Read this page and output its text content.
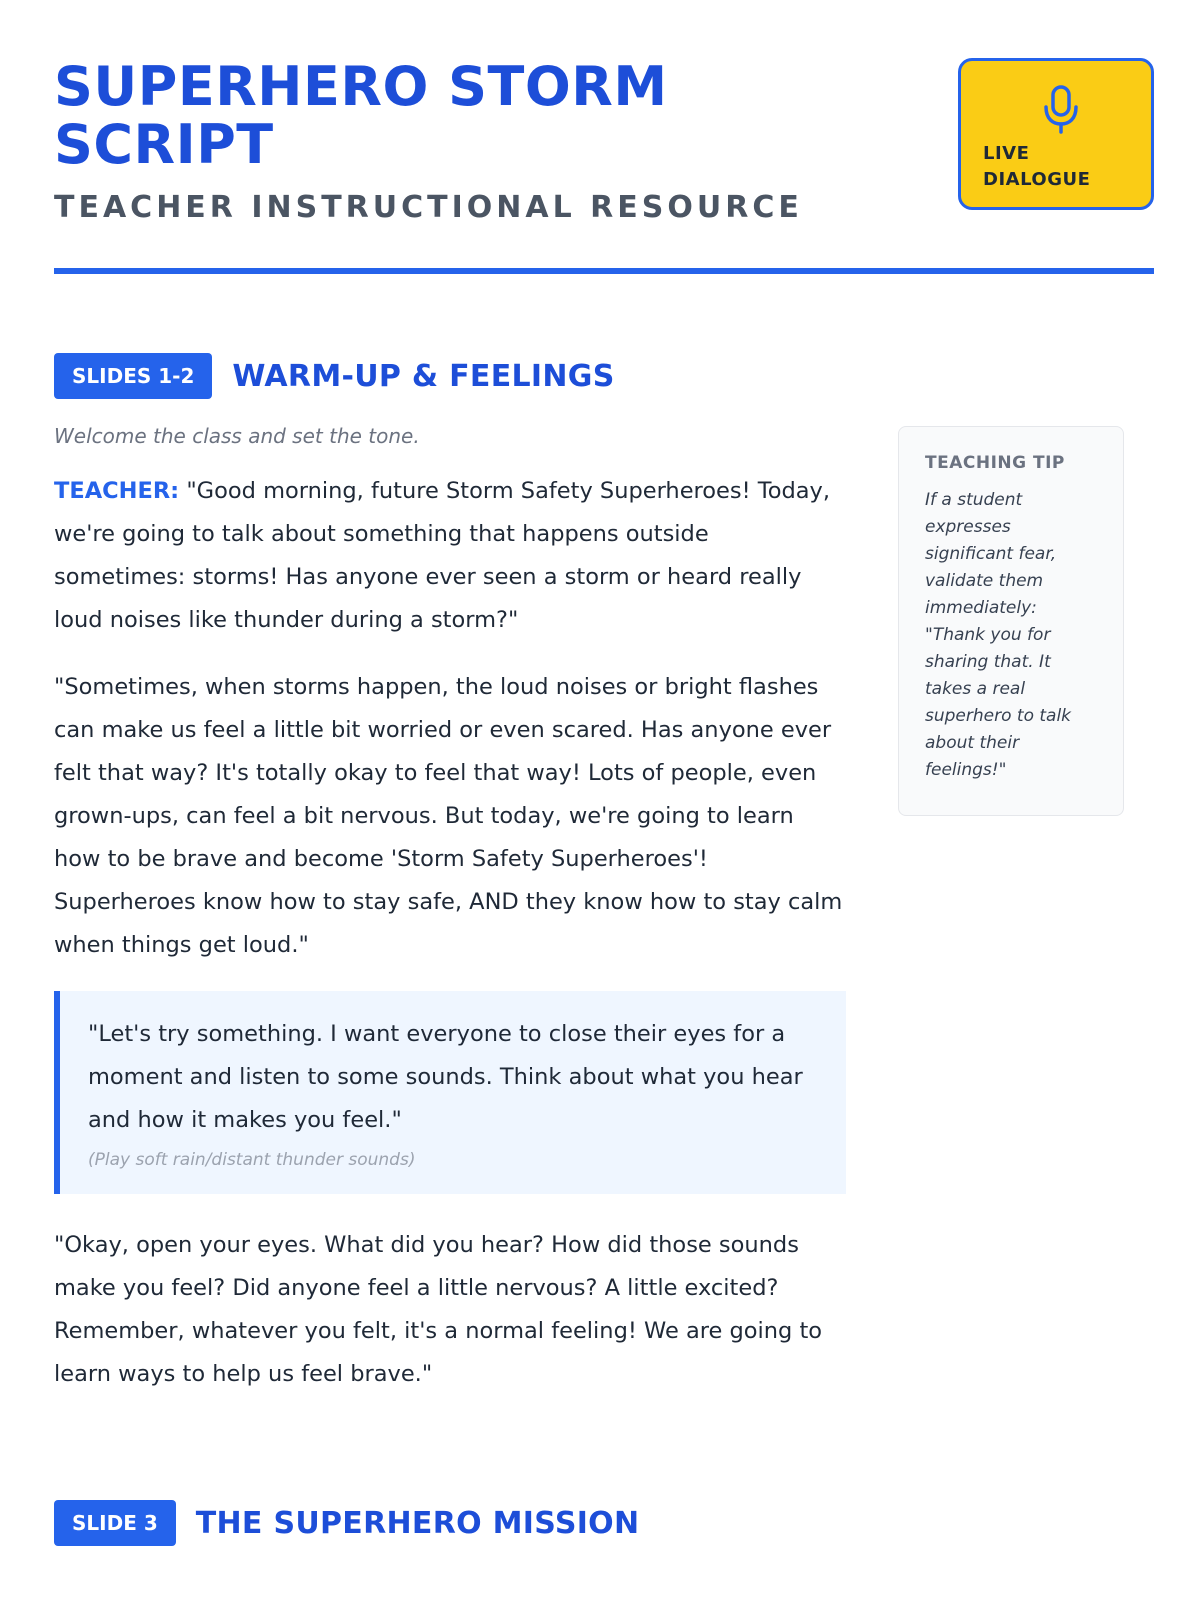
SUPERHERO STORM SCRIPT
TEACHER INSTRUCTIONAL RESOURCE
LIVE DIALOGUE
SLIDES 1-2 WARM-UP & FEELINGS

Welcome the class and set the tone.

TEACHER: "Good morning, future Storm Safety Superheroes! Today, we're going to talk about something that happens outside sometimes: storms! Has anyone ever seen a storm or heard really loud noises like thunder during a storm?"

"Sometimes, when storms happen, the loud noises or bright flashes can make us feel a little bit worried or even scared. Has anyone ever felt that way? It's totally okay to feel that way! Lots of people, even grown-ups, can feel a bit nervous. But today, we're going to learn how to be brave and become 'Storm Safety Superheroes'! Superheroes know how to stay safe, AND they know how to stay calm when things get loud."

"Let's try something. I want everyone to close their eyes for a moment and listen to some sounds. Think about what you hear and how it makes you feel."

(Play soft rain/distant thunder sounds)

"Okay, open your eyes. What did you hear? How did those sounds make you feel? Did anyone feel a little nervous? A little excited? Remember, whatever you felt, it's a normal feeling! We are going to learn ways to help us feel brave."

TEACHING TIP
If a student expresses significant fear, validate them immediately: "Thank you for sharing that. It takes a real superhero to talk about their feelings!"
SLIDE 3 THE SUPERHERO MISSION
